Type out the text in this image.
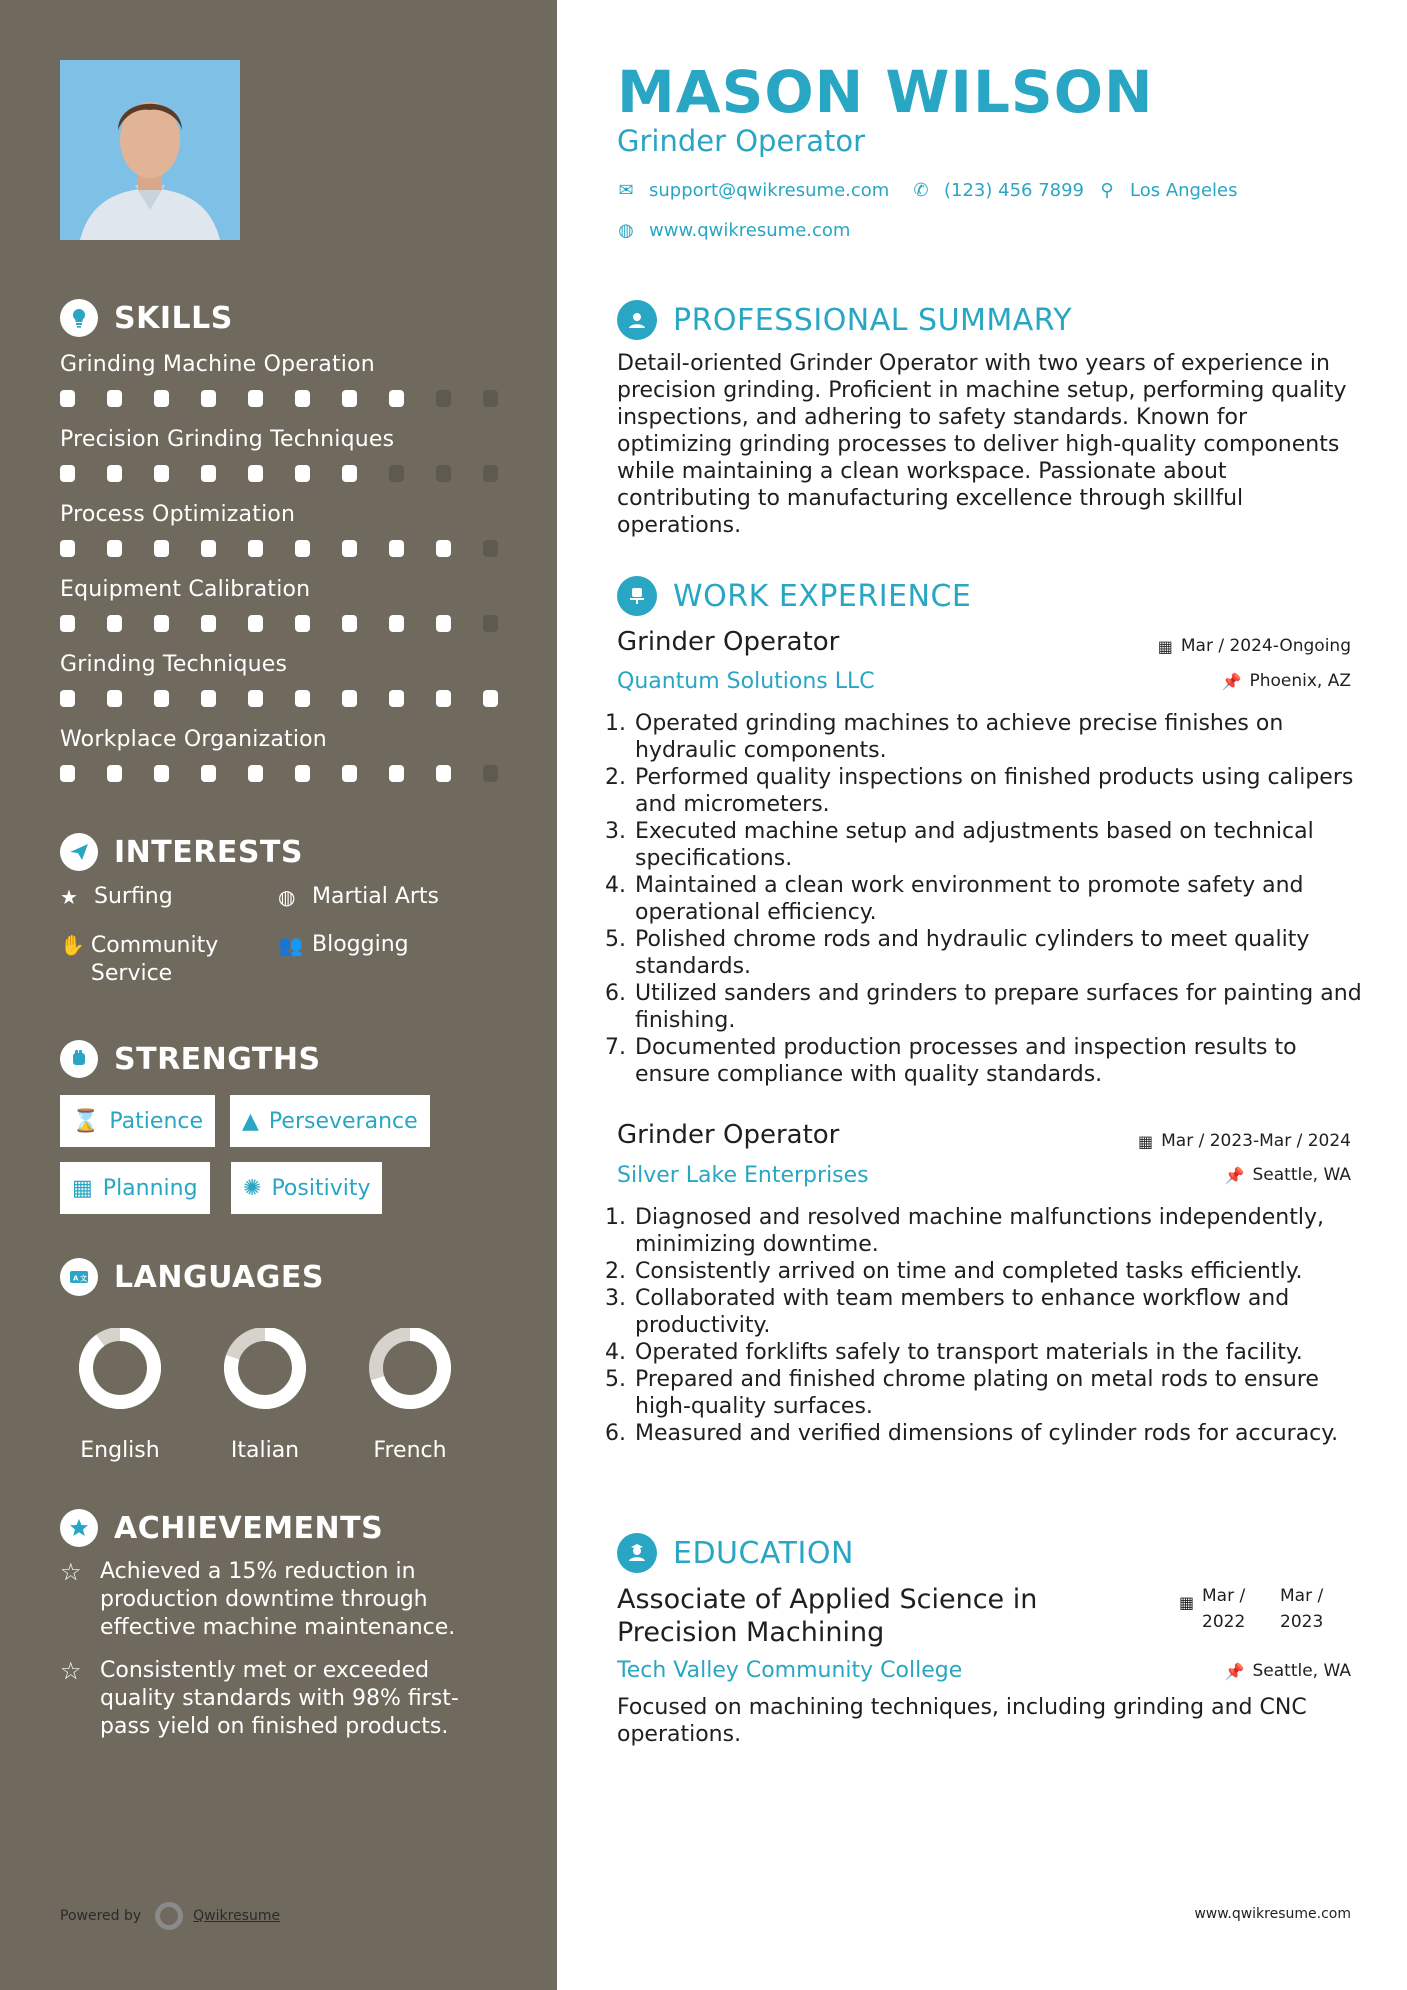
SKILLS
Grinding Machine Operation
Precision Grinding Techniques
Process Optimization
Equipment Calibration
Grinding Techniques
Workplace Organization
INTERESTS
★ Surfing	◍ Martial Arts
✋ Community Service
👥 Blogging
STRENGTHS
⌛ Patience ▲ Perseverance
▦ Planning ✺ Positivity
A 文 LANGUAGES
English	Italian	French
ACHIEVEMENTS
☆ Achieved a 15% reduction in production downtime through effective machine maintenance.
☆ Consistently met or exceeded quality standards with 98% first-pass yield on finished products.
Powered by	Qwikresume
MASON WILSON
Grinder Operator
✉ support@qwikresume.com ✆ (123) 456 7899 ⚲ Los Angeles
◍ www.qwikresume.com
PROFESSIONAL SUMMARY
Detail-oriented Grinder Operator with two years of experience in precision grinding. Proficient in machine setup, performing quality inspections, and adhering to safety standards. Known for optimizing grinding processes to deliver high-quality components while maintaining a clean workspace. Passionate about contributing to manufacturing excellence through skillful operations.
WORK EXPERIENCE
Grinder Operator	▦ Mar / 2024-Ongoing
Quantum Solutions LLC	📌 Phoenix, AZ
1. Operated grinding machines to achieve precise finishes on hydraulic components.
2. Performed quality inspections on finished products using calipers and micrometers.
3. Executed machine setup and adjustments based on technical specifications.
4. Maintained a clean work environment to promote safety and operational efficiency.
5. Polished chrome rods and hydraulic cylinders to meet quality standards.
6. Utilized sanders and grinders to prepare surfaces for painting and finishing.
7. Documented production processes and inspection results to ensure compliance with quality standards.
Grinder Operator	▦ Mar / 2023-Mar / 2024
Silver Lake Enterprises	📌 Seattle, WA
1. Diagnosed and resolved machine malfunctions independently, minimizing downtime.
2. Consistently arrived on time and completed tasks efficiently.
3. Collaborated with team members to enhance workflow and productivity.
4. Operated forklifts safely to transport materials in the facility.
5. Prepared and finished chrome plating on metal rods to ensure high-quality surfaces.
6. Measured and verified dimensions of cylinder rods for accuracy.
EDUCATION
Associate of Applied Science in Precision Machining
▦ Mar /
2022
Mar /
2023
Tech Valley Community College	📌 Seattle, WA
Focused on machining techniques, including grinding and CNC operations.
www.qwikresume.com
